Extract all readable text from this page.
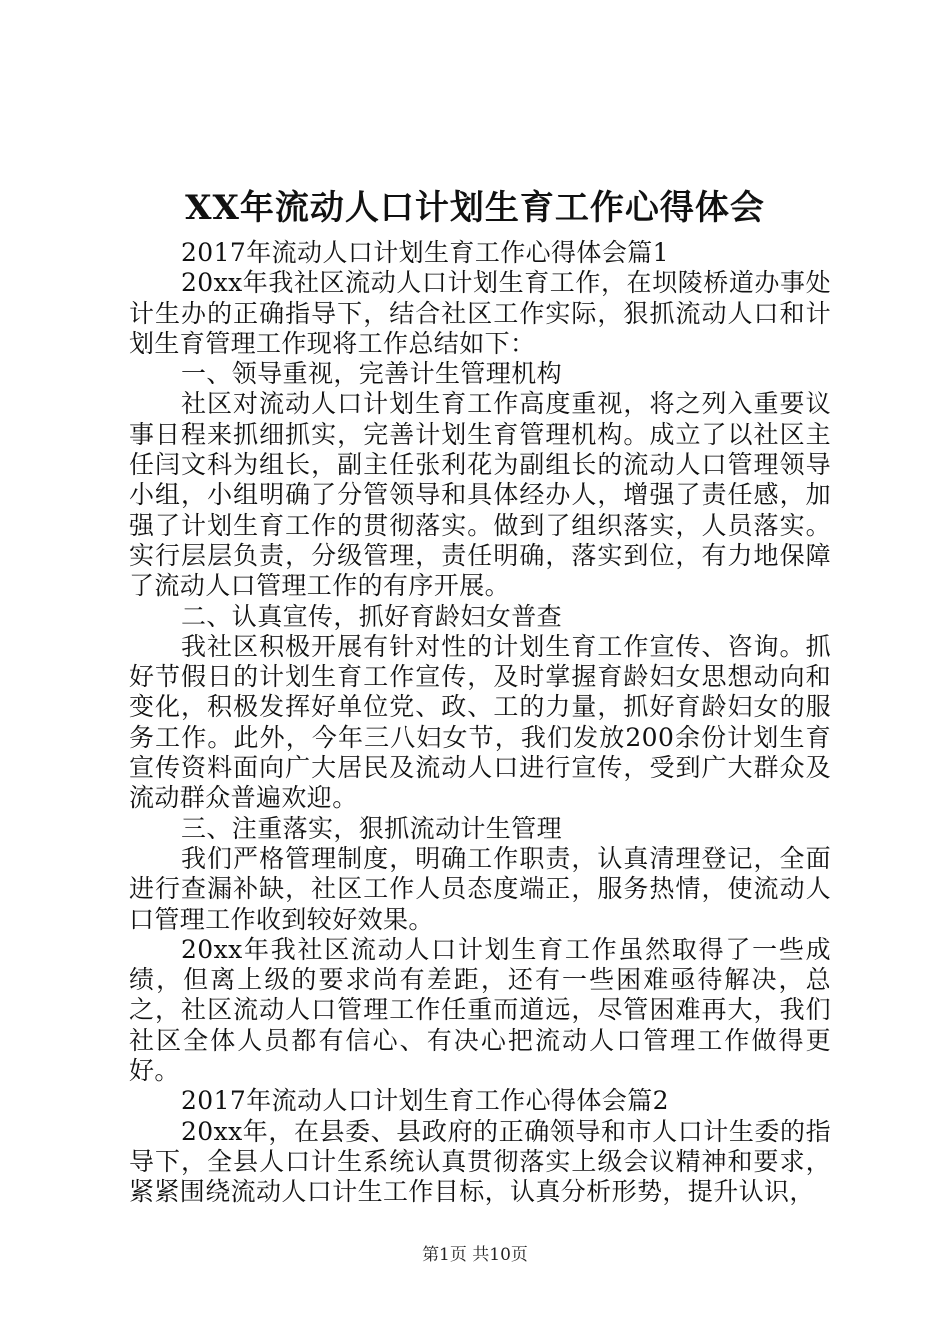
XX年流动人口计划生育工作心得体会

2017年流动人口计划生育工作心得体会篇1

20xx年我社区流动人口计划生育工作，在坝陵桥道办事处计生办的正确指导下，结合社区工作实际，狠抓流动人口和计划生育管理工作现将工作总结如下：

一、领导重视，完善计生管理机构

社区对流动人口计划生育工作高度重视，将之列入重要议事日程来抓细抓实，完善计划生育管理机构。成立了以社区主任闫文科为组长，副主任张利花为副组长的流动人口管理领导小组，小组明确了分管领导和具体经办人，增强了责任感，加强了计划生育工作的贯彻落实。做到了组织落实，人员落实。实行层层负责，分级管理，责任明确，落实到位，有力地保障了流动人口管理工作的有序开展。

二、认真宣传，抓好育龄妇女普查

我社区积极开展有针对性的计划生育工作宣传、咨询。抓好节假日的计划生育工作宣传，及时掌握育龄妇女思想动向和变化，积极发挥好单位党、政、工的力量，抓好育龄妇女的服务工作。此外，今年三八妇女节，我们发放200余份计划生育宣传资料面向广大居民及流动人口进行宣传，受到广大群众及流动群众普遍欢迎。

三、注重落实，狠抓流动计生管理

我们严格管理制度，明确工作职责，认真清理登记，全面进行查漏补缺，社区工作人员态度端正，服务热情，使流动人口管理工作收到较好效果。

20xx年我社区流动人口计划生育工作虽然取得了一些成绩，但离上级的要求尚有差距，还有一些困难亟待解决，总之，社区流动人口管理工作任重而道远，尽管困难再大，我们社区全体人员都有信心、有决心把流动人口管理工作做得更好。

2017年流动人口计划生育工作心得体会篇2

20xx年，在县委、县政府的正确领导和市人口计生委的指导下，全县人口计生系统认真贯彻落实上级会议精神和要求，紧紧围绕流动人口计生工作目标，认真分析形势，提升认识，

第1页 共10页
